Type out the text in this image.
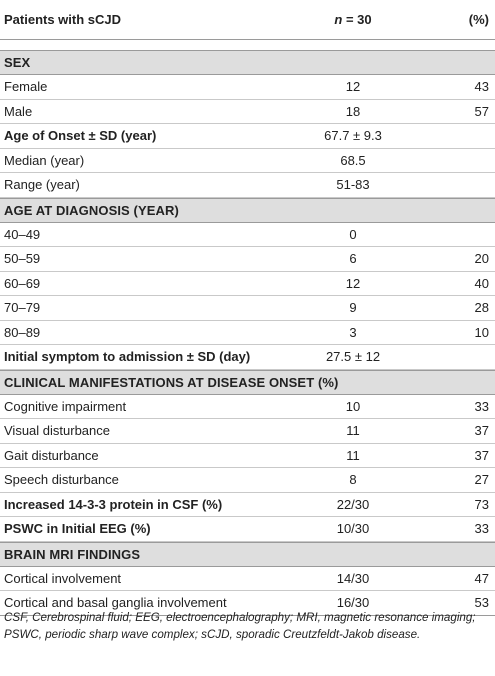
Patients with sCJD	n = 30	(%)
SEX
Female	12	43
Male	18	57
Age of Onset ± SD (year)	67.7 ± 9.3
Median (year)	68.5
Range (year)	51-83
AGE AT DIAGNOSIS (YEAR)
40–49	0
50–59	6	20
60–69	12	40
70–79	9	28
80–89	3	10
Initial symptom to admission ± SD (day)	27.5 ± 12
CLINICAL MANIFESTATIONS AT DISEASE ONSET (%)
Cognitive impairment	10	33
Visual disturbance	11	37
Gait disturbance	11	37
Speech disturbance	8	27
Increased 14-3-3 protein in CSF (%)	22/30	73
PSWC in Initial EEG (%)	10/30	33
BRAIN MRI FINDINGS
Cortical involvement	14/30	47
Cortical and basal ganglia involvement	16/30	53
CSF, Cerebrospinal fluid; EEG, electroencephalography; MRI, magnetic resonance imaging; PSWC, periodic sharp wave complex; sCJD, sporadic Creutzfeldt-Jakob disease.
